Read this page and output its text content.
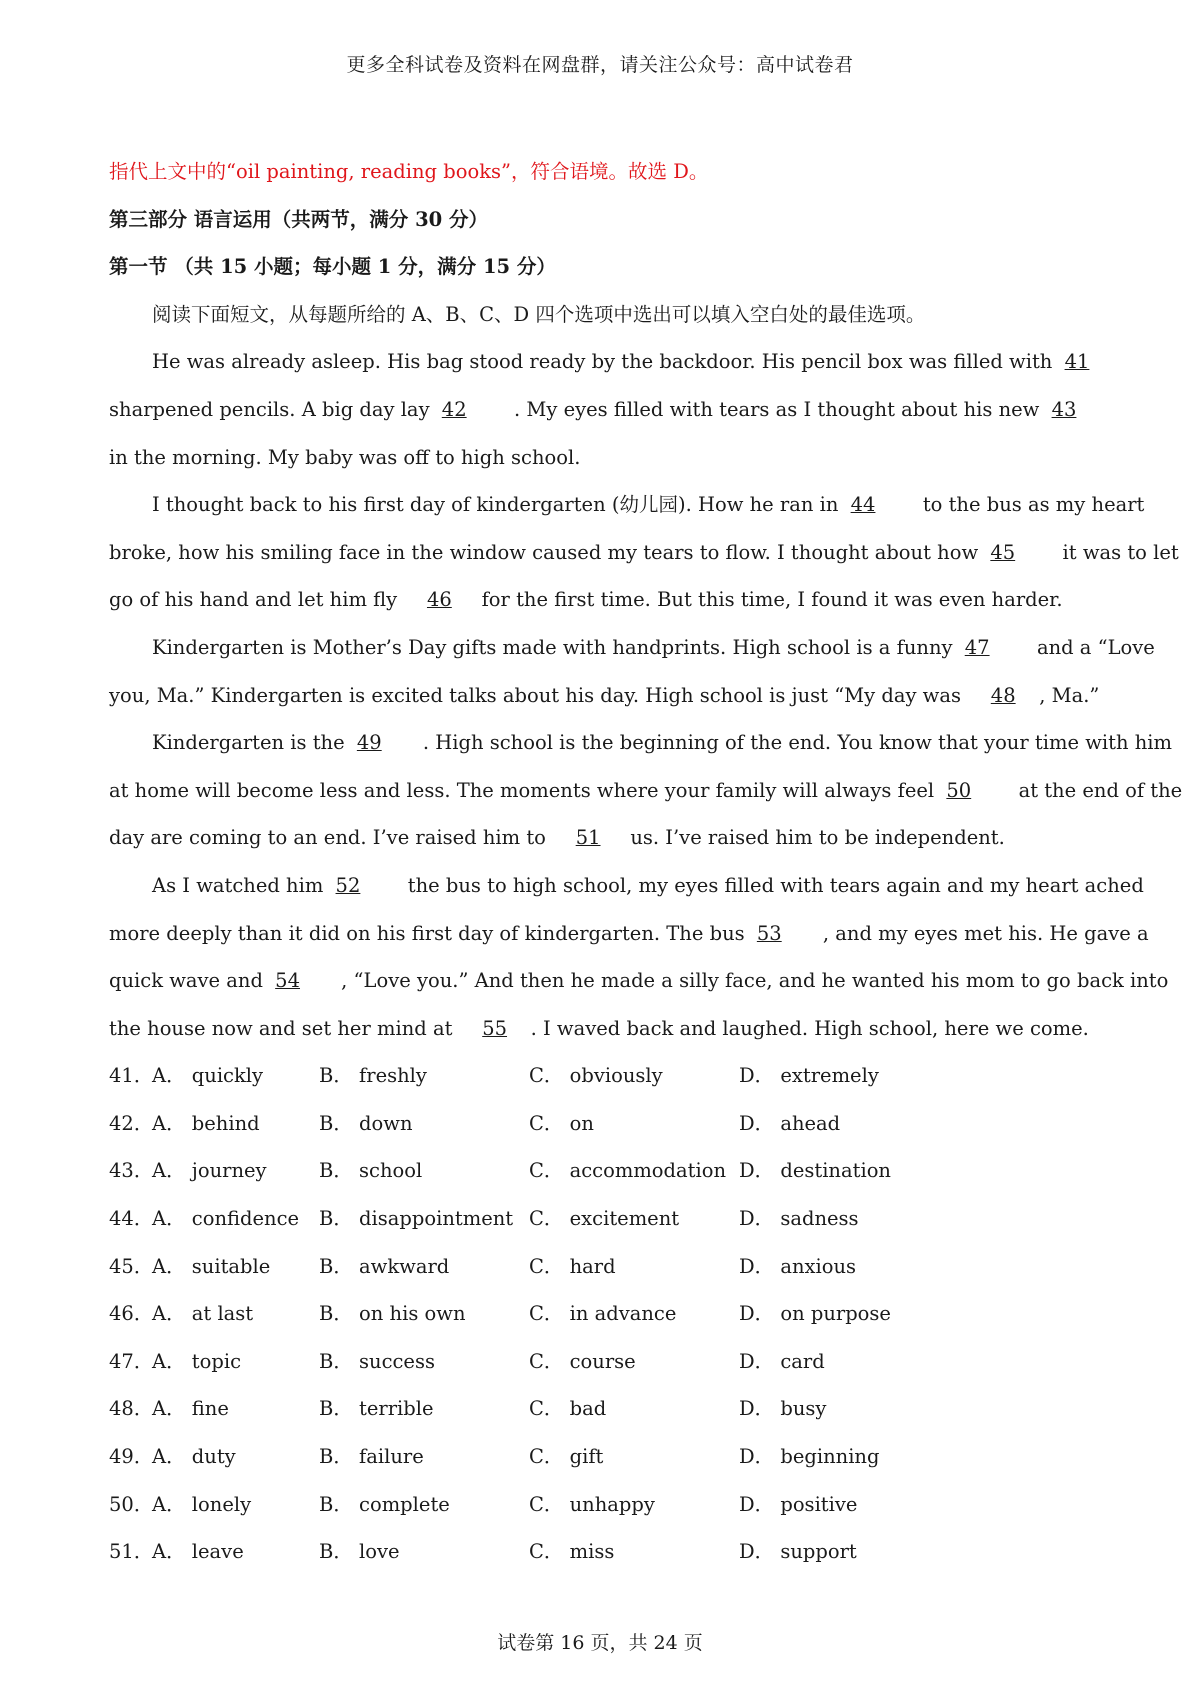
更多全科试卷及资料在网盘群，请关注公众号：高中试卷君
指代上文中的“oil painting, reading books”，符合语境。故选 D。
第三部分 语言运用（共两节，满分 30 分）
第一节 （共 15 小题；每小题 1 分，满分 15 分）
阅读下面短文，从每题所给的 A、B、C、D 四个选项中选出可以填入空白处的最佳选项。
He was already asleep. His bag stood ready by the backdoor. His pencil box was filled with 41
sharpened pencils. A big day lay 42 . My eyes filled with tears as I thought about his new 43
in the morning. My baby was off to high school.
I thought back to his first day of kindergarten (幼儿园). How he ran in 44 to the bus as my heart
broke, how his smiling face in the window caused my tears to flow. I thought about how 45 it was to let
go of his hand and let him fly 46 for the first time. But this time, I found it was even harder.
Kindergarten is Mother’s Day gifts made with handprints. High school is a funny 47 and a “Love
you, Ma.” Kindergarten is excited talks about his day. High school is just “My day was 48 , Ma.”
Kindergarten is the 49 . High school is the beginning of the end. You know that your time with him
at home will become less and less. The moments where your family will always feel 50 at the end of the
day are coming to an end. I’ve raised him to 51 us. I’ve raised him to be independent.
As I watched him 52 the bus to high school, my eyes filled with tears again and my heart ached
more deeply than it did on his first day of kindergarten. The bus 53 , and my eyes met his. He gave a
quick wave and 54 , “Love you.” And then he made a silly face, and he wanted his mom to go back into
the house now and set her mind at 55 . I waved back and laughed. High school, here we come.
41．
A． quickly	B． freshly	C． obviously	D． extremely
42．
A． behind	B． down	C． on	D． ahead
43．
A． journey	B． school	C． accommodation D． destination
44．
A． confidence B． disappointment C． excitement	D． sadness
45．
A． suitable B． awkward	C． hard	D． anxious
46．
A． at last	B． on his own	C． in advance	D． on purpose
47．
A． topic	B． success	C． course	D． card
48．
A． fine	B． terrible	C． bad	D． busy
49．
A． duty	B． failure	C． gift	D． beginning
50．
A． lonely	B． complete	C． unhappy	D． positive
51．
A． leave	B． love	C． miss	D． support
试卷第 16 页，共 24 页
